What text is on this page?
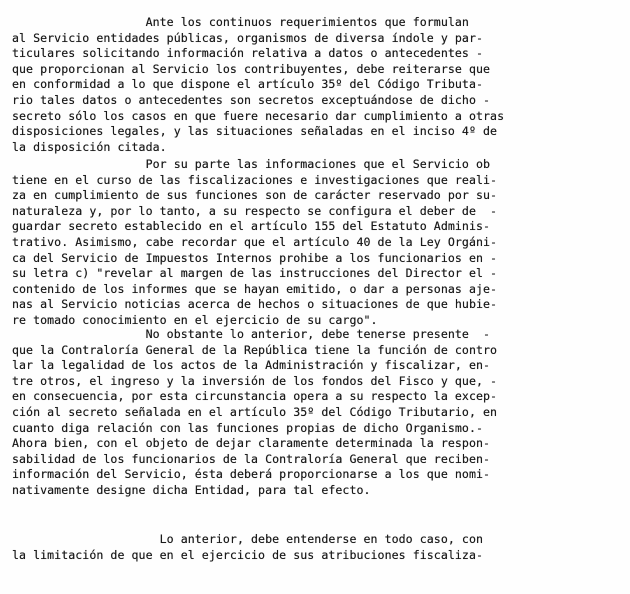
Ante los continuos requerimientos que formulan
al Servicio entidades públicas, organismos de diversa índole y par-
ticulares solicitando información relativa a datos o antecedentes -
que proporcionan al Servicio los contribuyentes, debe reiterarse que
en conformidad a lo que dispone el artículo 35º del Código Tributa-
rio tales datos o antecedentes son secretos exceptuándose de dicho -
secreto sólo los casos en que fuere necesario dar cumplimiento a otras
disposiciones legales, y las situaciones señaladas en el inciso 4º de
la disposición citada.

Por su parte las informaciones que el Servicio ob
tiene en el curso de las fiscalizaciones e investigaciones que reali-
za en cumplimiento de sus funciones son de carácter reservado por su-
naturaleza y, por lo tanto, a su respecto se configura el deber de  -
guardar secreto establecido en el artículo 155 del Estatuto Adminis-
trativo. Asimismo, cabe recordar que el artículo 40 de la Ley Orgáni-
ca del Servicio de Impuestos Internos prohibe a los funcionarios en -
su letra c) "revelar al margen de las instrucciones del Director el -
contenido de los informes que se hayan emitido, o dar a personas aje-
nas al Servicio noticias acerca de hechos o situaciones de que hubie-
re tomado conocimiento en el ejercicio de su cargo".

No obstante lo anterior, debe tenerse presente  -
que la Contraloría General de la República tiene la función de contro
lar la legalidad de los actos de la Administración y fiscalizar, en-
tre otros, el ingreso y la inversión de los fondos del Fisco y que, -
en consecuencia, por esta circunstancia opera a su respecto la excep-
ción al secreto señalada en el artículo 35º del Código Tributario, en
cuanto diga relación con las funciones propias de dicho Organismo.-
Ahora bien, con el objeto de dejar claramente determinada la respon-
sabilidad de los funcionarios de la Contraloría General que reciben-
información del Servicio, ésta deberá proporcionarse a los que nomi-
nativamente designe dicha Entidad, para tal efecto.

Lo anterior, debe entenderse en todo caso, con
la limitación de que en el ejercicio de sus atribuciones fiscaliza-
